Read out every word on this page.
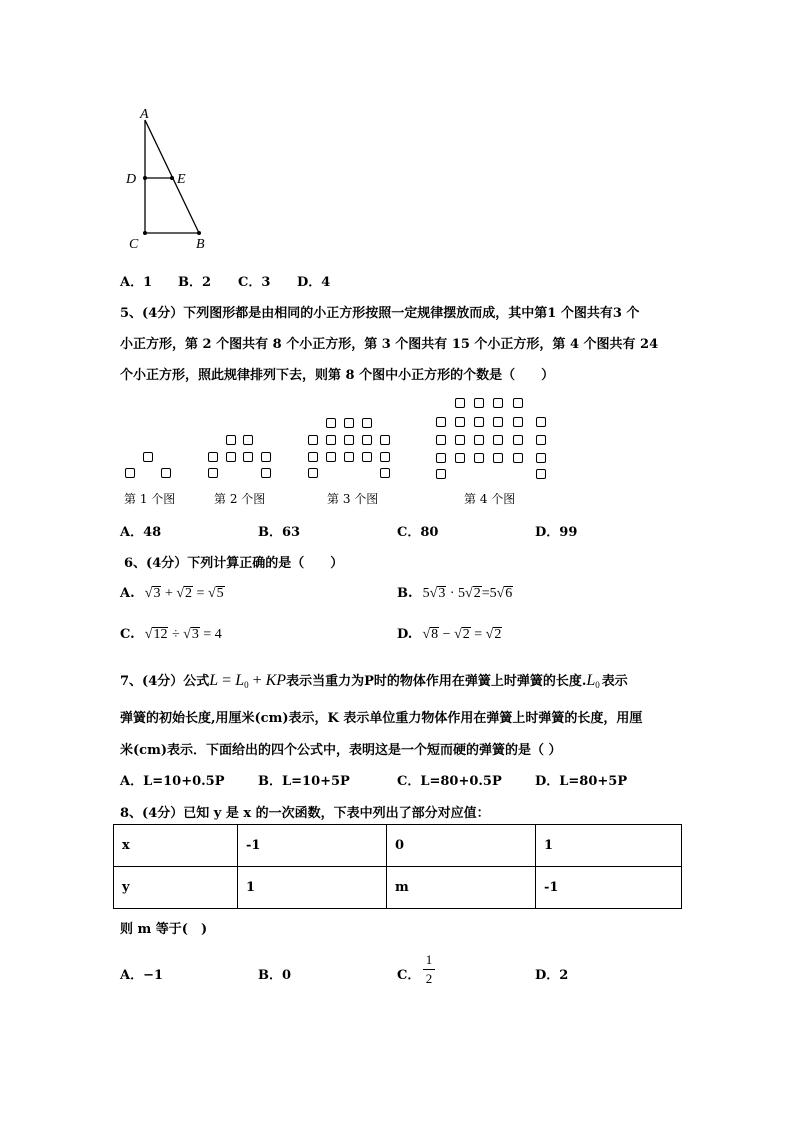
A
D	E
C	B
A．1 B．2 C．3 D．4
5、(4分）下列图形都是由相同的小正方形按照一定规律摆放而成，其中第1 个图共有3 个
小正方形，第 2 个图共有 8 个小正方形，第 3 个图共有 15 个小正方形，第 4 个图共有 24
个小正方形，照此规律排列下去，则第 8 个图中小正方形的个数是（　　）
第 1 个图	第 2 个图	第 3 个图	第 4 个图
A．48	B．63	C．80	D．99
6、(4分）下列计算正确的是（　　）
A. √3 + √2 = √5	B. 5√3 · 5√2=5√6
C. √12 ÷ √3 = 4	D. √8 − √2 = √2
7、(4分）公式$L = L_0$ + KP表示当重力为P时的物体作用在弹簧上时弹簧的长度$.L_0$ 表示
弹簧的初始长度,用厘米(cm)表示，K 表示单位重力物体作用在弹簧上时弹簧的长度，用厘
米(cm)表示．下面给出的四个公式中，表明这是一个短而硬的弹簧的是（ ）
A．L=10+0.5P	B．L=10+5P	C．L=80+0.5P	D．L=80+5P
8、(4分）已知 y 是 x 的一次函数，下表中列出了部分对应值：
x	-1	0	1
y	1	m	-1
则 m 等于(　)
A．−1	B．0	C．
1
2	D．2
